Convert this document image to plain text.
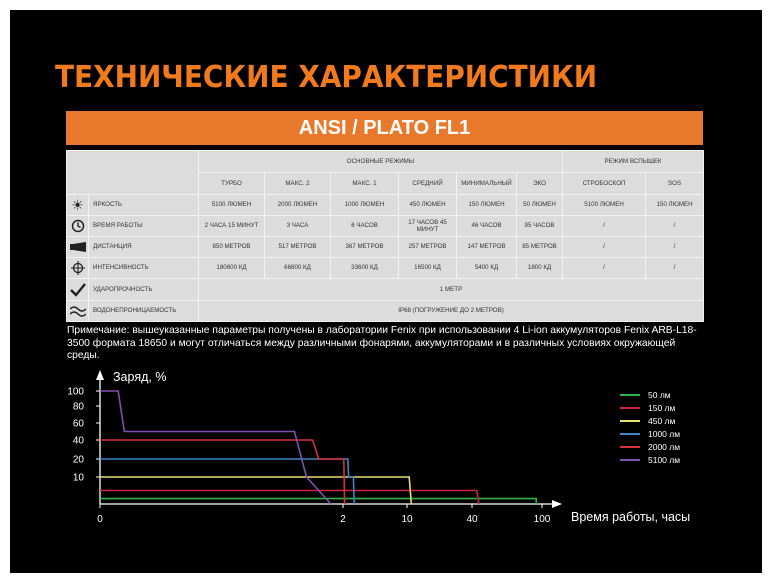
ТЕХНИЧЕСКИЕ ХАРАКТЕРИСТИКИ
ANSI / PLATO FL1
		ОСНОВНЫЕ РЕЖИМЫ						РЕЖИМ ВСПЫШЕК	
		ТУРБО	МАКС. 2	МАКС. 1	СРЕДНИЙ	МИНИМАЛЬНЫЙ	ЭКО	СТРОБОСКОП	SOS

☀	ЯРКОСТЬ	5100 ЛЮМЕН	2000 ЛЮМЕН	1000 ЛЮМЕН	450 ЛЮМЕН	150 ЛЮМЕН	50 ЛЮМЕН	5100 ЛЮМЕН	150 ЛЮМЕН

	ВРЕМЯ РАБОТЫ	2 ЧАСА 15 МИНУТ	3 ЧАСА	6 ЧАСОВ	17 ЧАСОВ 45 МИНУТ	46 ЧАСОВ	95 ЧАСОВ	/	/

	ДИСТАНЦИЯ	850 МЕТРОВ	517 МЕТРОВ	367 МЕТРОВ	257 МЕТРОВ	147 МЕТРОВ	85 МЕТРОВ	/	/

	ИНТЕНСИВНОСТЬ	180600 КД	66800 КД	33600 КД	16500 КД	5400 КД	1800 КД	/	/

	УДАРОПРОЧНОСТЬ	1 МЕТР							

	ВОДОНЕПРОНИЦАЕМОСТЬ	IP68 (ПОГРУЖЕНИЕ ДО 2 МЕТРОВ)							
Примечание: вышеуказанные параметры получены в лаборатории Fenix при использовании 4 Li-ion аккумуляторов Fenix ARB-L18-3500 формата 18650 и могут отличаться между различными фонарями, аккумуляторами и в различных условиях окружающей среды.
10
20
40
60
80
100
0	2	10	40	100
Заряд, %
Время работы, часы
50 лм
150 лм
450 лм
1000 лм
2000 лм
5100 лм
